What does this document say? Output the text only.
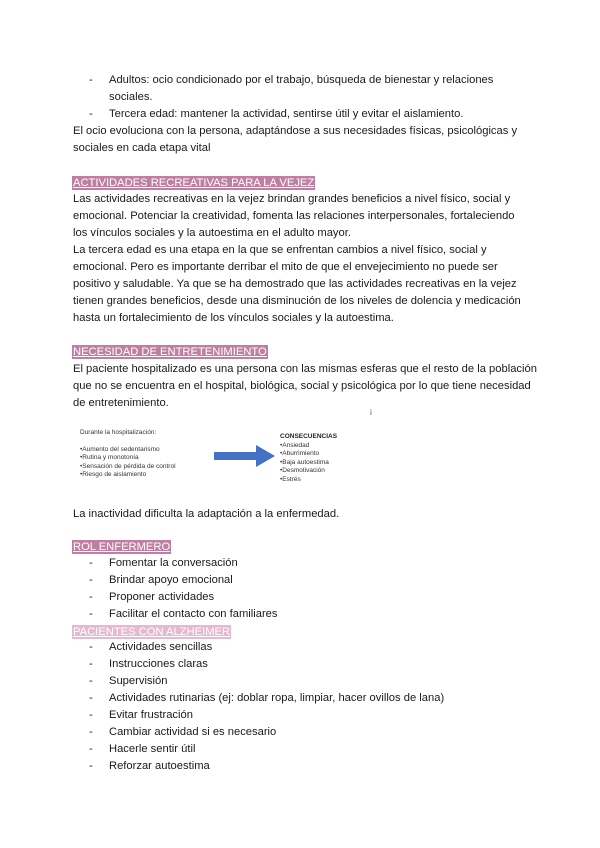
- Adultos: ocio condicionado por el trabajo, búsqueda de bienestar y relaciones
sociales.
- Tercera edad: mantener la actividad, sentirse útil y evitar el aislamiento.
El ocio evoluciona con la persona, adaptándose a sus necesidades físicas, psicológicas y
sociales en cada etapa vital
ACTIVIDADES RECREATIVAS PARA LA VEJEZ
Las actividades recreativas en la vejez brindan grandes beneficios a nivel físico, social y
emocional. Potenciar la creatividad, fomenta las relaciones interpersonales, fortaleciendo
los vínculos sociales y la autoestima en el adulto mayor.
La tercera edad es una etapa en la que se enfrentan cambios a nivel físico, social y
emocional. Pero es importante derribar el mito de que el envejecimiento no puede ser
positivo y saludable. Ya que se ha demostrado que las actividades recreativas en la vejez
tienen grandes beneficios, desde una disminución de los niveles de dolencia y medicación
hasta un fortalecimiento de los vínculos sociales y la autoestima.
NECESIDAD DE ENTRETENIMIENTO
El paciente hospitalizado es una persona con las mismas esferas que el resto de la población
que no se encuentra en el hospital, biológica, social y psicológica por lo que tiene necesidad
de entretenimiento.
i
Durante la hospitalización:
•Aumento del sedentarismo
•Rutina y monotonía
•Sensación de pérdida de control
•Riesgo de aislamiento
CONSECUENCIAS
•Ansiedad
•Aburrimiento
•Baja autoestima
•Desmotivación
•Estrés
La inactividad dificulta la adaptación a la enfermedad.
ROL ENFERMERO
- Fomentar la conversación
- Brindar apoyo emocional
- Proponer actividades
- Facilitar el contacto con familiares
PACIENTES CON ALZHEIMER
- Actividades sencillas
- Instrucciones claras
- Supervisión
- Actividades rutinarias (ej: doblar ropa, limpiar, hacer ovillos de lana)
- Evitar frustración
- Cambiar actividad si es necesario
- Hacerle sentir útil
- Reforzar autoestima
